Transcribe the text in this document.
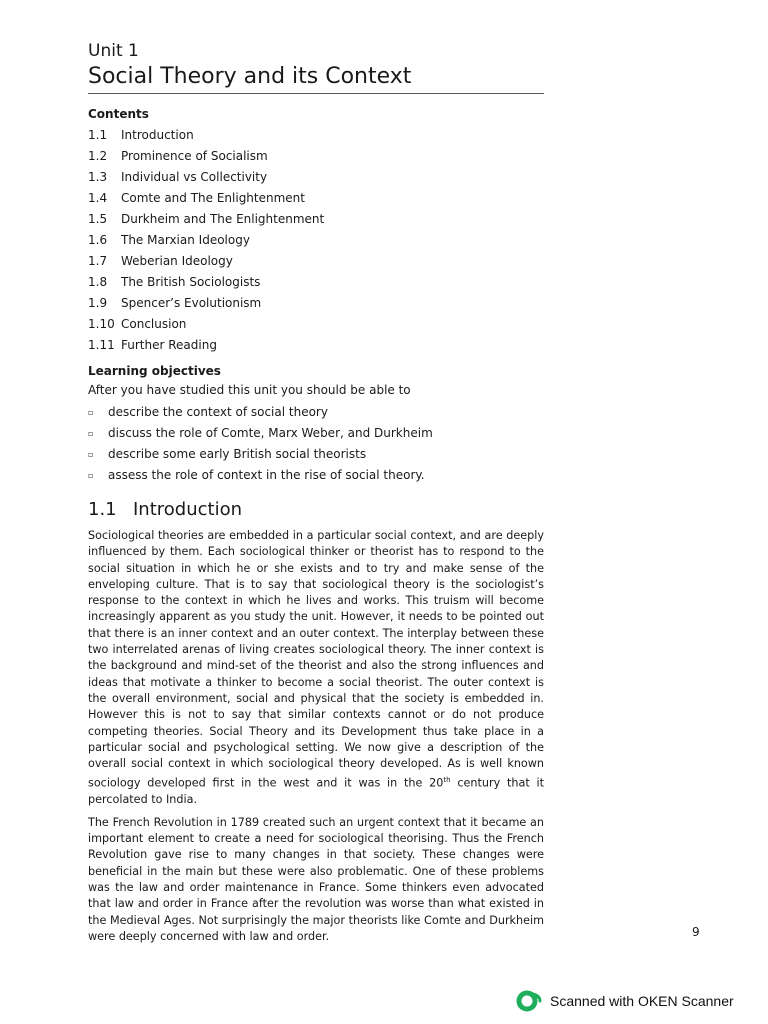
Unit 1

Social Theory and its Context
Contents
1.1	Introduction
1.2	Prominence of Socialism
1.3	Individual vs Collectivity
1.4	Comte and The Enlightenment
1.5	Durkheim and The Enlightenment
1.6	The Marxian Ideology
1.7	Weberian Ideology
1.8	The British Sociologists
1.9	Spencer’s Evolutionism
1.10 Conclusion
1.11 Further Reading
Learning objectives

After you have studied this unit you should be able to

▫	describe the context of social theory
▫	discuss the role of Comte, Marx Weber, and Durkheim
▫	describe some early British social theorists
▫	assess the role of context in the rise of social theory.
1.1 Introduction

Sociological theories are embedded in a particular social context, and are deeply influenced by them. Each sociological thinker or theorist has to respond to the social situation in which he or she exists and to try and make sense of the enveloping culture. That is to say that sociological theory is the sociologist’s response to the context in which he lives and works. This truism will become increasingly apparent as you study the unit. However, it needs to be pointed out that there is an inner context and an outer context. The interplay between these two interrelated arenas of living creates sociological theory. The inner context is the background and mind-set of the theorist and also the strong influences and ideas that motivate a thinker to become a social theorist. The outer context is the overall environment, social and physical that the society is embedded in. However this is not to say that similar contexts cannot or do not produce competing theories. Social Theory and its Development thus take place in a particular social and psychological setting. We now give a description of the overall social context in which sociological theory developed. As is well known sociology developed first in the west and it was in the 20th century that it percolated to India.

The French Revolution in 1789 created such an urgent context that it became an important element to create a need for sociological theorising. Thus the French Revolution gave rise to many changes in that society. These changes were beneficial in the main but these were also problematic. One of these problems was the law and order maintenance in France. Some thinkers even advocated that law and order in France after the revolution was worse than what existed in the Medieval Ages. Not surprisingly the major theorists like Comte and Durkheim were deeply concerned with law and order.	9
Scanned with OKEN Scanner
